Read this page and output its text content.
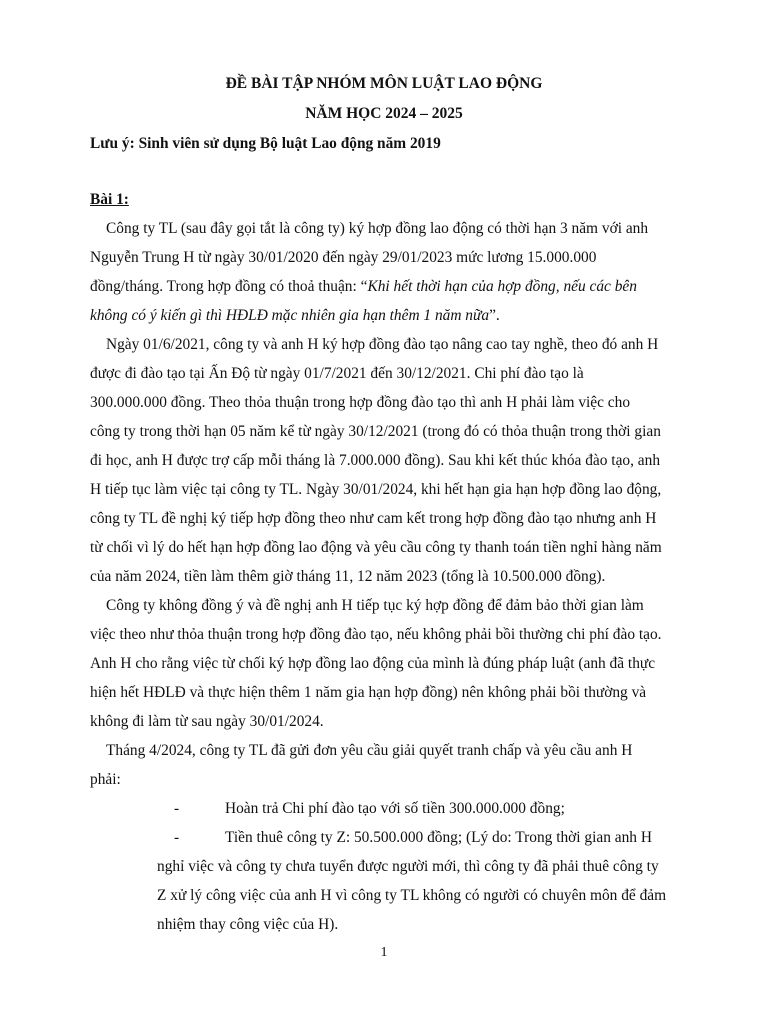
ĐỀ BÀI TẬP NHÓM MÔN LUẬT LAO ĐỘNG
NĂM HỌC 2024 – 2025
Lưu ý: Sinh viên sử dụng Bộ luật Lao động năm 2019
Bài 1:
Công ty TL (sau đây gọi tắt là công ty) ký hợp đồng lao động có thời hạn 3 năm với anh
Nguyễn Trung H từ ngày 30/01/2020 đến ngày 29/01/2023 mức lương 15.000.000
đồng/tháng. Trong hợp đồng có thoả thuận: “Khi hết thời hạn của hợp đồng, nếu các bên
không có ý kiến gì thì HĐLĐ mặc nhiên gia hạn thêm 1 năm nữa”.
Ngày 01/6/2021, công ty và anh H ký hợp đồng đào tạo nâng cao tay nghề, theo đó anh H
được đi đào tạo tại Ấn Độ từ ngày 01/7/2021 đến 30/12/2021. Chi phí đào tạo là
300.000.000 đồng. Theo thỏa thuận trong hợp đồng đào tạo thì anh H phải làm việc cho
công ty trong thời hạn 05 năm kể từ ngày 30/12/2021 (trong đó có thỏa thuận trong thời gian
đi học, anh H được trợ cấp mỗi tháng là 7.000.000 đồng). Sau khi kết thúc khóa đào tạo, anh
H tiếp tục làm việc tại công ty TL. Ngày 30/01/2024, khi hết hạn gia hạn hợp đồng lao động,
công ty TL đề nghị ký tiếp hợp đồng theo như cam kết trong hợp đồng đào tạo nhưng anh H
từ chối vì lý do hết hạn hợp đồng lao động và yêu cầu công ty thanh toán tiền nghỉ hàng năm
của năm 2024, tiền làm thêm giờ tháng 11, 12 năm 2023 (tổng là 10.500.000 đồng).
Công ty không đồng ý và đề nghị anh H tiếp tục ký hợp đồng để đảm bảo thời gian làm
việc theo như thỏa thuận trong hợp đồng đào tạo, nếu không phải bồi thường chi phí đào tạo.
Anh H cho rằng việc từ chối ký hợp đồng lao động của mình là đúng pháp luật (anh đã thực
hiện hết HĐLĐ và thực hiện thêm 1 năm gia hạn hợp đồng) nên không phải bồi thường và
không đi làm từ sau ngày 30/01/2024.
Tháng 4/2024, công ty TL đã gửi đơn yêu cầu giải quyết tranh chấp và yêu cầu anh H
phải:
-	Hoàn trả Chi phí đào tạo với số tiền 300.000.000 đồng;
-	Tiền thuê công ty Z: 50.500.000 đồng; (Lý do: Trong thời gian anh H
nghỉ việc và công ty chưa tuyển được người mới, thì công ty đã phải thuê công ty
Z xử lý công việc của anh H vì công ty TL không có người có chuyên môn để đảm
nhiệm thay công việc của H).
1
